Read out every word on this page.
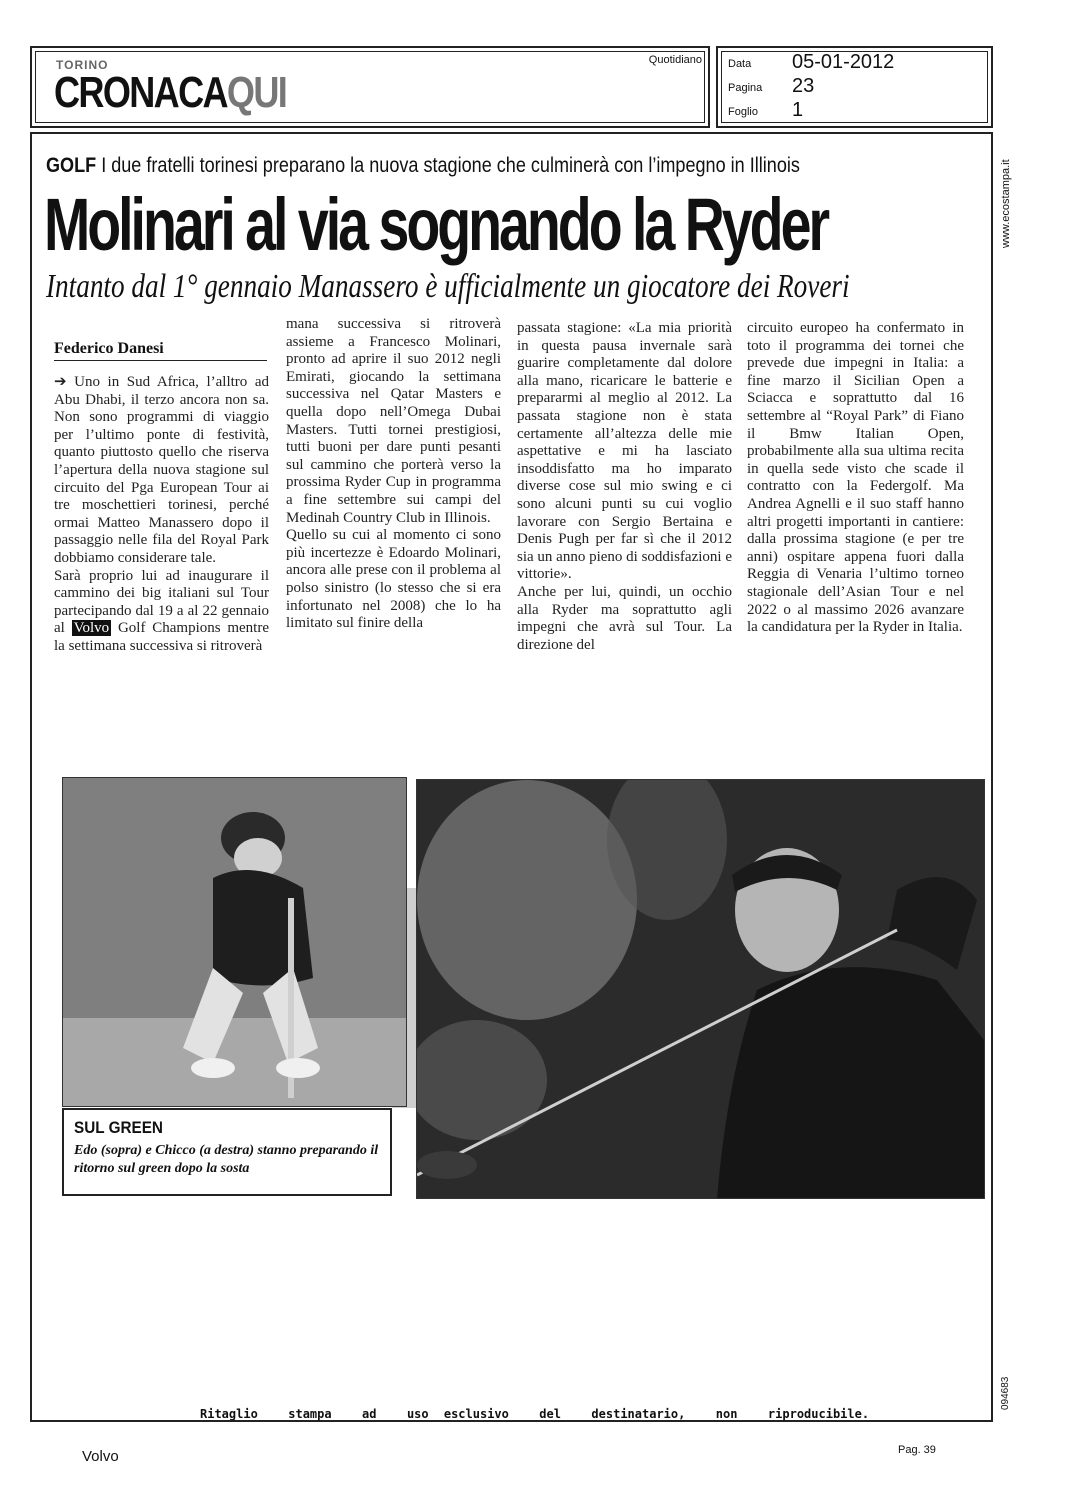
TORINO
CRONACAQUI
Quotidiano Data 05-01-2012
Pagina 23
Foglio 1
GOLF I due fratelli torinesi preparano la nuova stagione che culminerà con l’impegno in Illinois
Molinari al via sognando la Ryder
Intanto dal 1° gennaio Manassero è ufficialmente un giocatore dei Roveri
Federico Danesi
➔ Uno in Sud Africa, l’alltro ad Abu Dhabi, il terzo ancora non sa. Non sono programmi di viaggio per l’ultimo ponte di festività, quanto piuttosto quello che riserva l’apertura della nuova stagione sul circuito del Pga European Tour ai tre moschettieri torinesi, perché ormai Matteo Manassero dopo il passaggio nelle fila del Royal Park dobbiamo considerare tale.
Sarà proprio lui ad inaugurare il cammino dei big italiani sul Tour partecipando dal 19 a al 22 gennaio al Volvo Golf Champions mentre la settimana successiva si ritroverà
mana successiva si ritroverà assieme a Francesco Molinari, pronto ad aprire il suo 2012 negli Emirati, giocando la settimana successiva nel Qatar Masters e quella dopo nell’Omega Dubai Masters. Tutti tornei prestigiosi, tutti buoni per dare punti pesanti sul cammino che porterà verso la prossima Ryder Cup in programma a fine settembre sui campi del Medinah Country Club in Illinois.
Quello su cui al momento ci sono più incertezze è Edoardo Molinari, ancora alle prese con il problema al polso sinistro (lo stesso che si era infortunato nel 2008) che lo ha limitato sul finire della
passata stagione: «La mia priorità in questa pausa invernale sarà guarire completamente dal dolore alla mano, ricaricare le batterie e prepararmi al meglio al 2012. La passata stagione non è stata certamente all’altezza delle mie aspettative e mi ha lasciato insoddisfatto ma ho imparato diverse cose sul mio swing e ci sono alcuni punti su cui voglio lavorare con Sergio Bertaina e Denis Pugh per far sì che il 2012 sia un anno pieno di soddisfazioni e vittorie».
Anche per lui, quindi, un occhio alla Ryder ma soprattutto agli impegni che avrà sul Tour. La direzione del
circuito europeo ha confermato in toto il programma dei tornei che prevede due impegni in Italia: a fine marzo il Sicilian Open a Sciacca e soprattutto dal 16 settembre al “Royal Park” di Fiano il Bmw Italian Open, probabilmente alla sua ultima recita in quella sede visto che scade il contratto con la Federgolf. Ma Andrea Agnelli e il suo staff hanno altri progetti importanti in cantiere: dalla prossima stagione (e per tre anni) ospitare appena fuori dalla Reggia di Venaria l’ultimo torneo stagionale dell’Asian Tour e nel 2022 o al massimo 2026 avanzare la candidatura per la Ryder in Italia.
SUL GREEN
Edo (sopra) e Chicco (a destra) stanno preparando il ritorno sul green dopo la sosta
www.ecostampa.it
094683
Ritaglio  stampa  ad  uso esclusivo  del  destinatario,  non  riproducibile.
Volvo	Pag. 39
